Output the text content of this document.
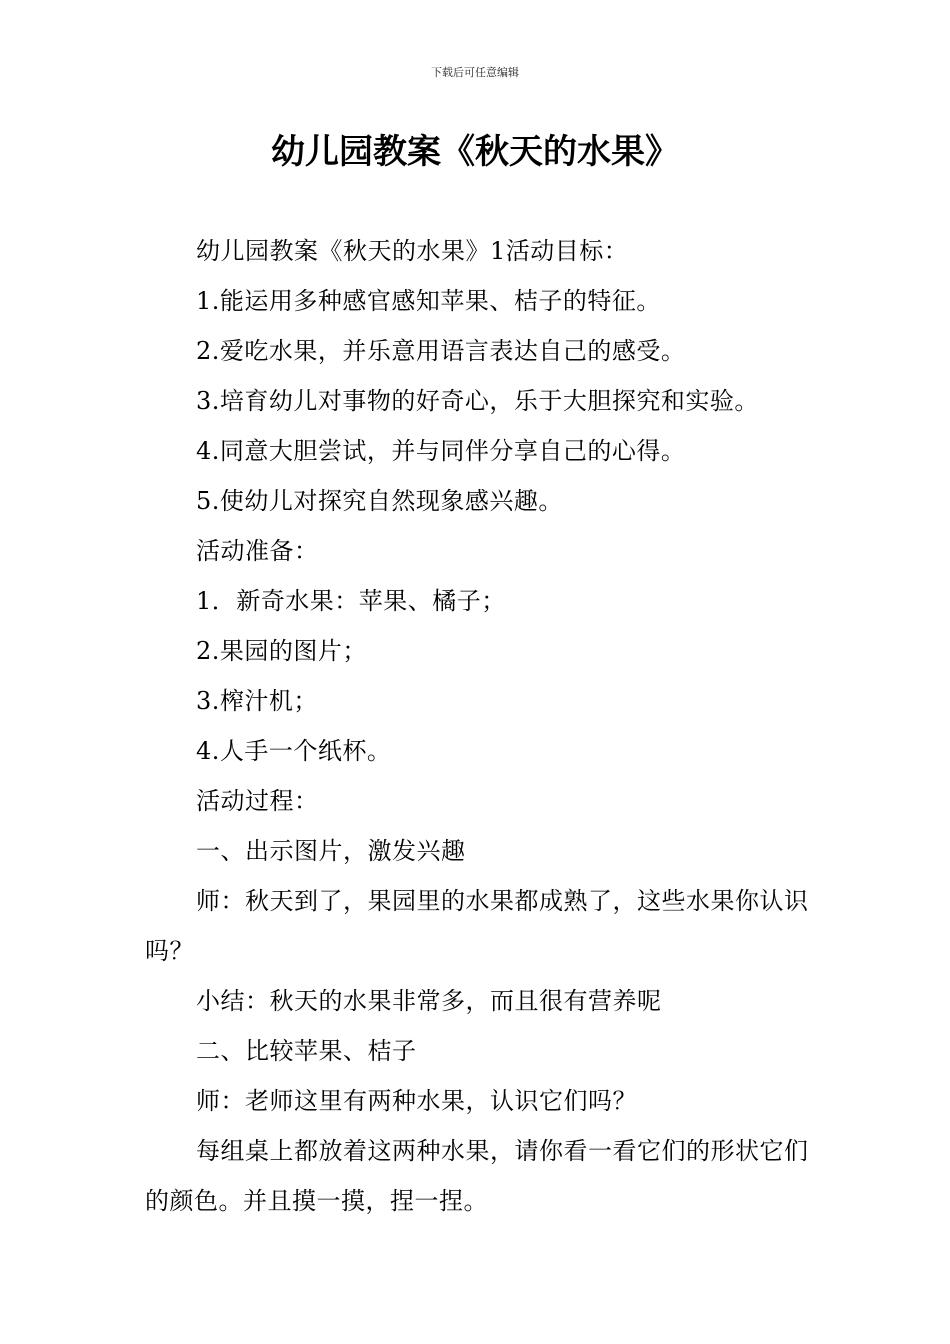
下载后可任意编辑
幼儿园教案《秋天的水果》

幼儿园教案《秋天的水果》1活动目标：

1.能运用多种感官感知苹果、桔子的特征。

2.爱吃水果，并乐意用语言表达自己的感受。

3.培育幼儿对事物的好奇心，乐于大胆探究和实验。

4.同意大胆尝试，并与同伴分享自己的心得。

5.使幼儿对探究自然现象感兴趣。

活动准备：

1．新奇水果：苹果、橘子；

2.果园的图片；

3.榨汁机；

4.人手一个纸杯。

活动过程：

一、出示图片，激发兴趣

师：秋天到了，果园里的水果都成熟了，这些水果你认识吗？

小结：秋天的水果非常多，而且很有营养呢

二、比较苹果、桔子

师：老师这里有两种水果，认识它们吗？

每组桌上都放着这两种水果，请你看一看它们的形状它们的颜色。并且摸一摸，捏一捏。
